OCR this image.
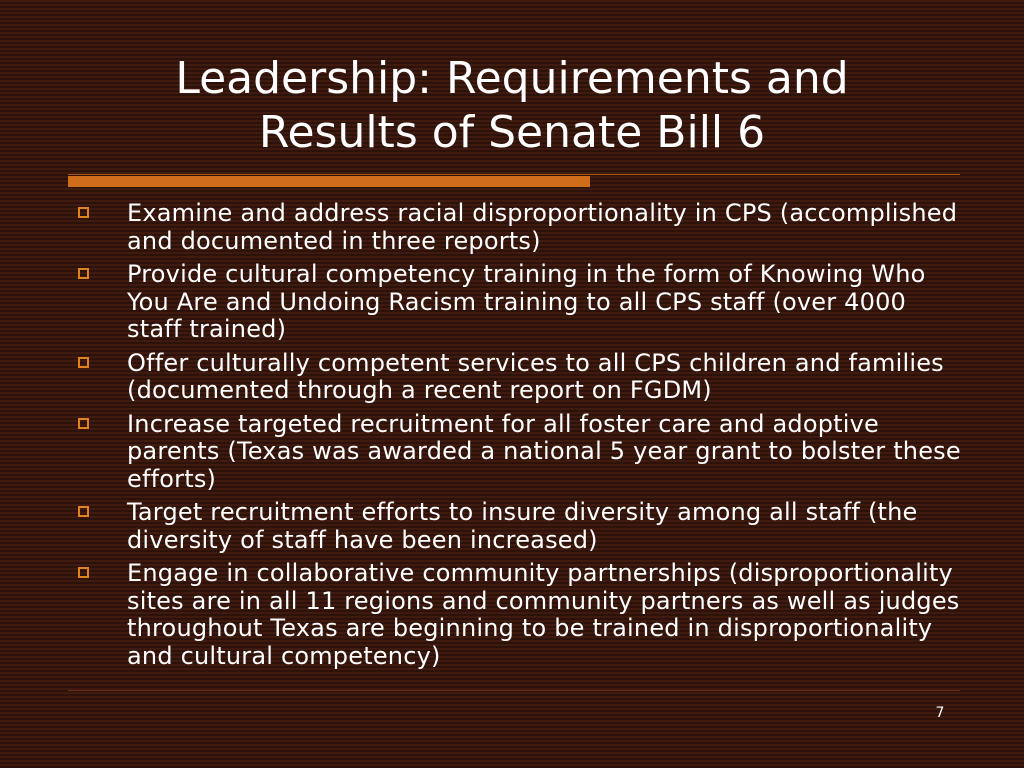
Leadership: Requirements and
Results of Senate Bill 6
Examine and address racial disproportionality in CPS (accomplished and documented in three reports)
Provide cultural competency training in the form of Knowing Who You Are and Undoing Racism training to all CPS staff (over 4000 staff trained)
Offer culturally competent services to all CPS children and families (documented through a recent report on FGDM)
Increase targeted recruitment for all foster care and adoptive parents (Texas was awarded a national 5 year grant to bolster these efforts)
Target recruitment efforts to insure diversity among all staff (the diversity of staff have been increased)
Engage in collaborative community partnerships (disproportionality sites are in all 11 regions and community partners as well as judges throughout Texas are beginning to be trained in disproportionality and cultural competency)
7
